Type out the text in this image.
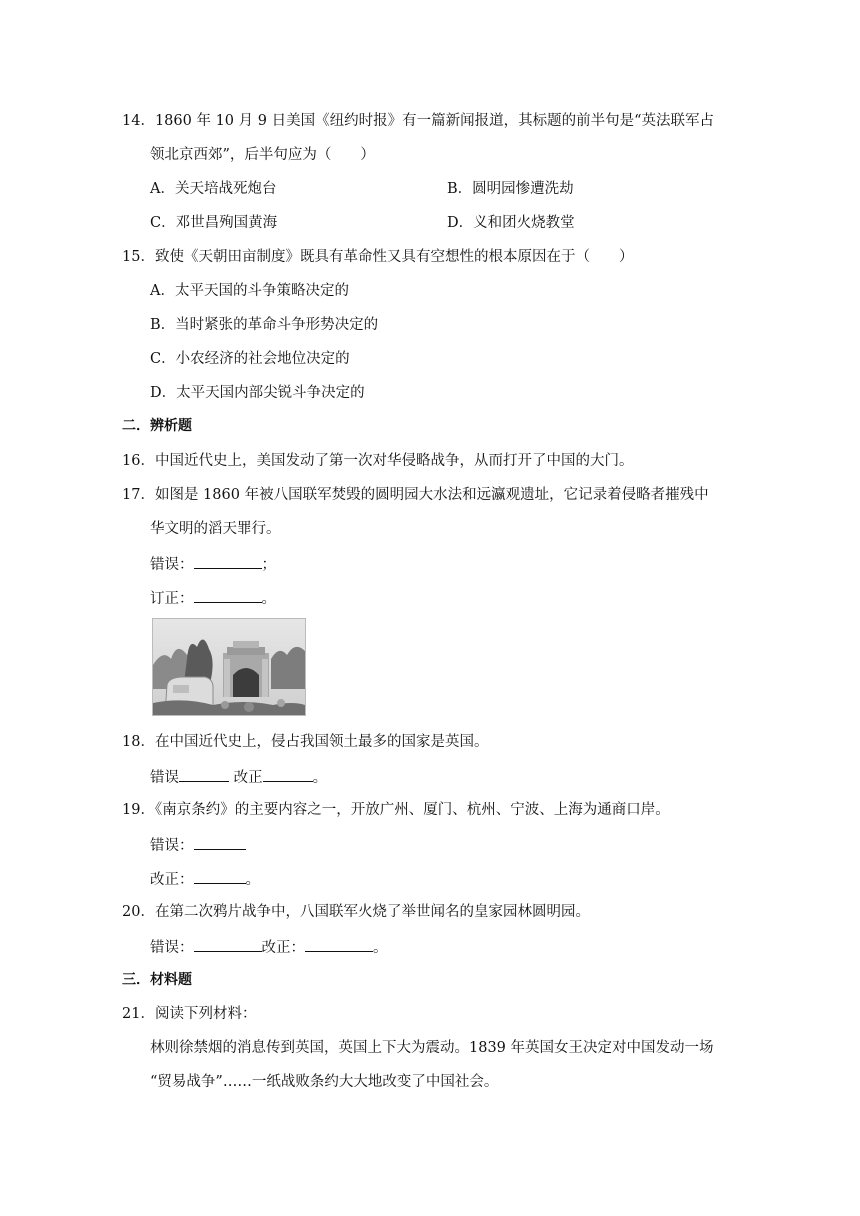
14．1860 年 10 月 9 日美国《纽约时报》有一篇新闻报道，其标题的前半句是“英法联军占
领北京西郊”，后半句应为（　　）
A．关天培战死炮台	B．圆明园惨遭洗劫
C．邓世昌殉国黄海	D．义和团火烧教堂
15．致使《天朝田亩制度》既具有革命性又具有空想性的根本原因在于（　　）
A．太平天国的斗争策略决定的
B．当时紧张的革命斗争形势决定的
C．小农经济的社会地位决定的
D．太平天国内部尖锐斗争决定的
二．辨析题
16．中国近代史上，美国发动了第一次对华侵略战争，从而打开了中国的大门。
17．如图是 1860 年被八国联军焚毁的圆明园大水法和远瀛观遗址，它记录着侵略者摧残中
华文明的滔天罪行。
错误：	；
订正：	。
18．在中国近代史上，侵占我国领土最多的国家是英国。
错误	改正	。
19．《南京条约》的主要内容之一，开放广州、厦门、杭州、宁波、上海为通商口岸。
错误：
改正：	。
20．在第二次鸦片战争中，八国联军火烧了举世闻名的皇家园林圆明园。
错误：	改正：	。
三．材料题
21．阅读下列材料：
林则徐禁烟的消息传到英国，英国上下大为震动。1839 年英国女王决定对中国发动一场
“贸易战争”……一纸战败条约大大地改变了中国社会。
